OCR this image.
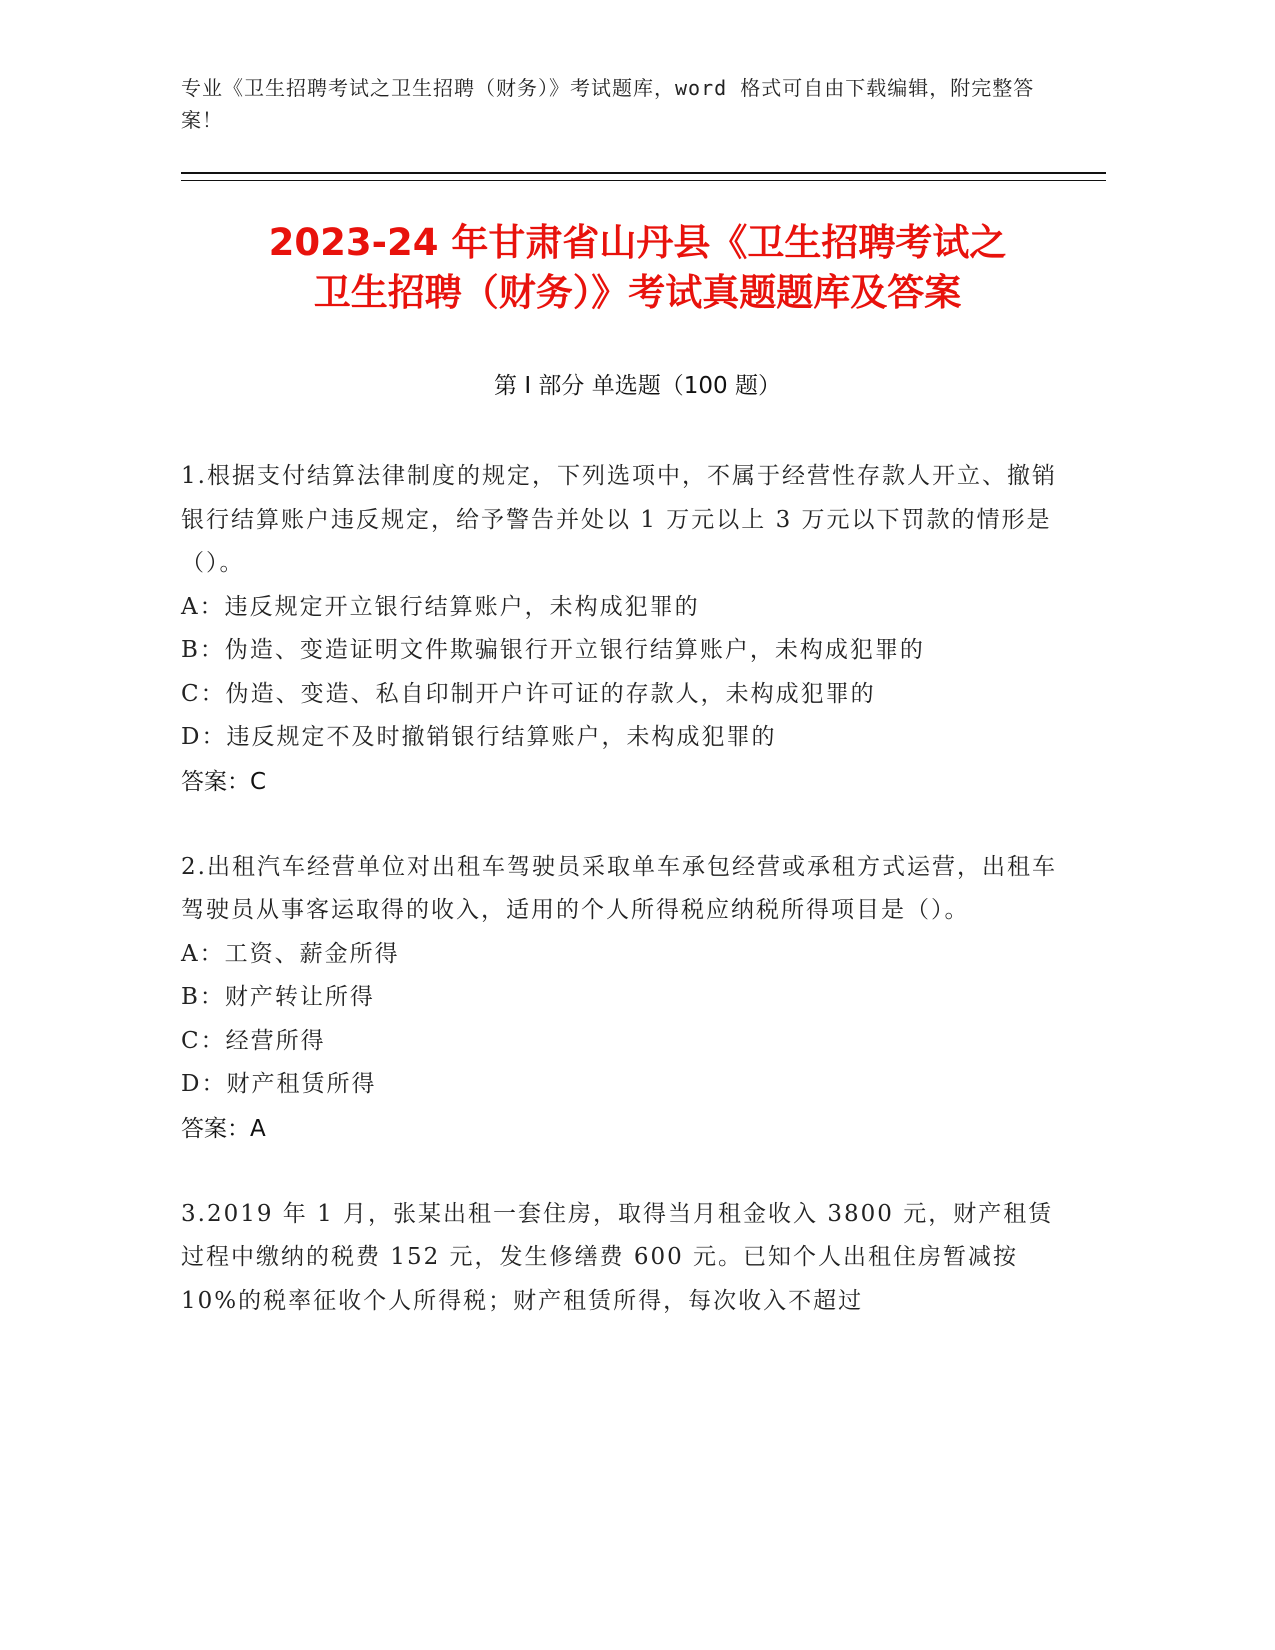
专业《卫生招聘考试之卫生招聘（财务）》考试题库，word 格式可自由下载编辑，附完整答案！
2023-24 年甘肃省山丹县《卫生招聘考试之
卫生招聘（财务）》考试真题题库及答案
第 I 部分 单选题（100 题）

1.根据支付结算法律制度的规定，下列选项中，不属于经营性存款人开立、撤销银行结算账户违反规定，给予警告并处以 1 万元以上 3 万元以下罚款的情形是（）。

A：违反规定开立银行结算账户，未构成犯罪的

B：伪造、变造证明文件欺骗银行开立银行结算账户，未构成犯罪的

C：伪造、变造、私自印制开户许可证的存款人，未构成犯罪的

D：违反规定不及时撤销银行结算账户，未构成犯罪的

答案：C

2.出租汽车经营单位对出租车驾驶员采取单车承包经营或承租方式运营，出租车驾驶员从事客运取得的收入，适用的个人所得税应纳税所得项目是（）。

A：工资、薪金所得

B：财产转让所得

C：经营所得

D：财产租赁所得

答案：A

3.2019 年 1 月，张某出租一套住房，取得当月租金收入 3800 元，财产租赁过程中缴纳的税费 152 元，发生修缮费 600 元。已知个人出租住房暂减按 10%的税率征收个人所得税；财产租赁所得，每次收入不超过
